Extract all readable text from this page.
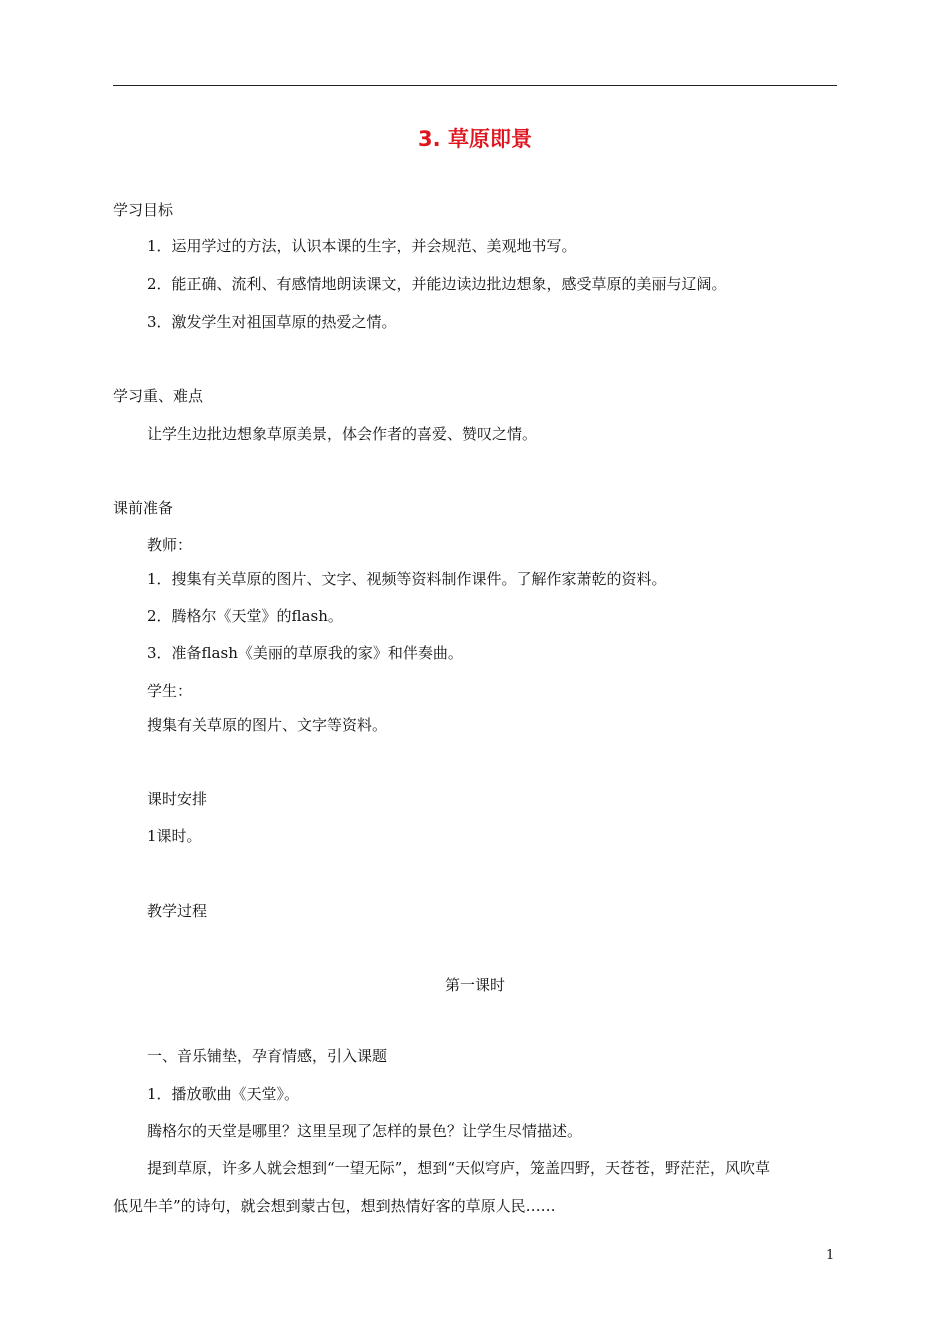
3. 草原即景
学习目标
1．运用学过的方法，认识本课的生字，并会规范、美观地书写。
2．能正确、流利、有感情地朗读课文，并能边读边批边想象，感受草原的美丽与辽阔。
3．激发学生对祖国草原的热爱之情。
学习重、难点
让学生边批边想象草原美景，体会作者的喜爱、赞叹之情。
课前准备
教师：
1．搜集有关草原的图片、文字、视频等资料制作课件。了解作家萧乾的资料。
2．腾格尔《天堂》的flash。
3．准备flash《美丽的草原我的家》和伴奏曲。
学生：
搜集有关草原的图片、文字等资料。
课时安排
1课时。
教学过程
第一课时
一、音乐铺垫，孕育情感，引入课题
1．播放歌曲《天堂》。
腾格尔的天堂是哪里？这里呈现了怎样的景色？让学生尽情描述。
提到草原，许多人就会想到“一望无际”，想到“天似穹庐，笼盖四野，天苍苍，野茫茫，风吹草
低见牛羊”的诗句，就会想到蒙古包，想到热情好客的草原人民……
1
